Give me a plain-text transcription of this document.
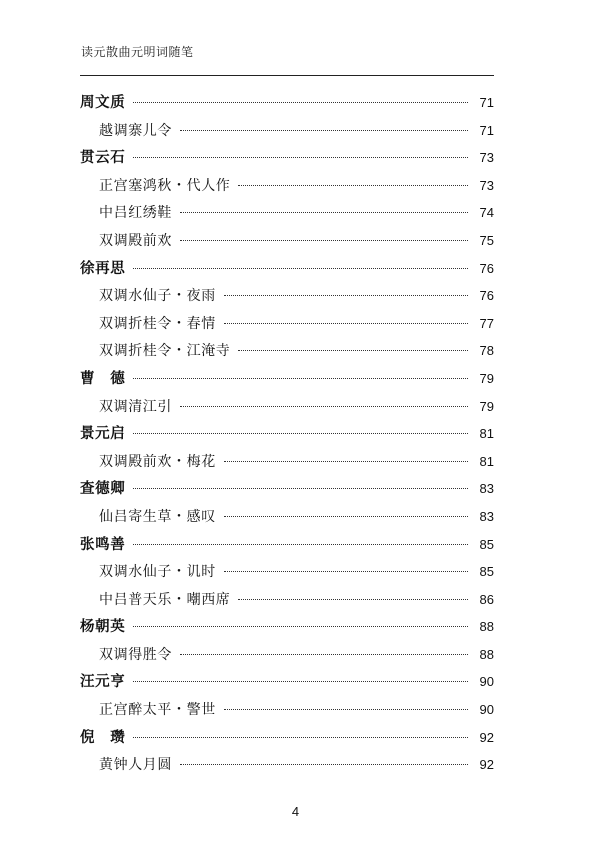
读元散曲元明词随笔
周文质	71
越调寨儿令	71
贯云石	73
正宫塞鸿秋・代人作	73
中吕红绣鞋	74
双调殿前欢	75
徐再思	76
双调水仙子・夜雨	76
双调折桂令・春情	77
双调折桂令・江淹寺	78
曹　德	79
双调清江引	79
景元启	81
双调殿前欢・梅花	81
查德卿	83
仙吕寄生草・感叹	83
张鸣善	85
双调水仙子・讥时	85
中吕普天乐・嘲西席	86
杨朝英	88
双调得胜令	88
汪元亨	90
正宫醉太平・警世	90
倪　瓒	92
黄钟人月圆	92
4
